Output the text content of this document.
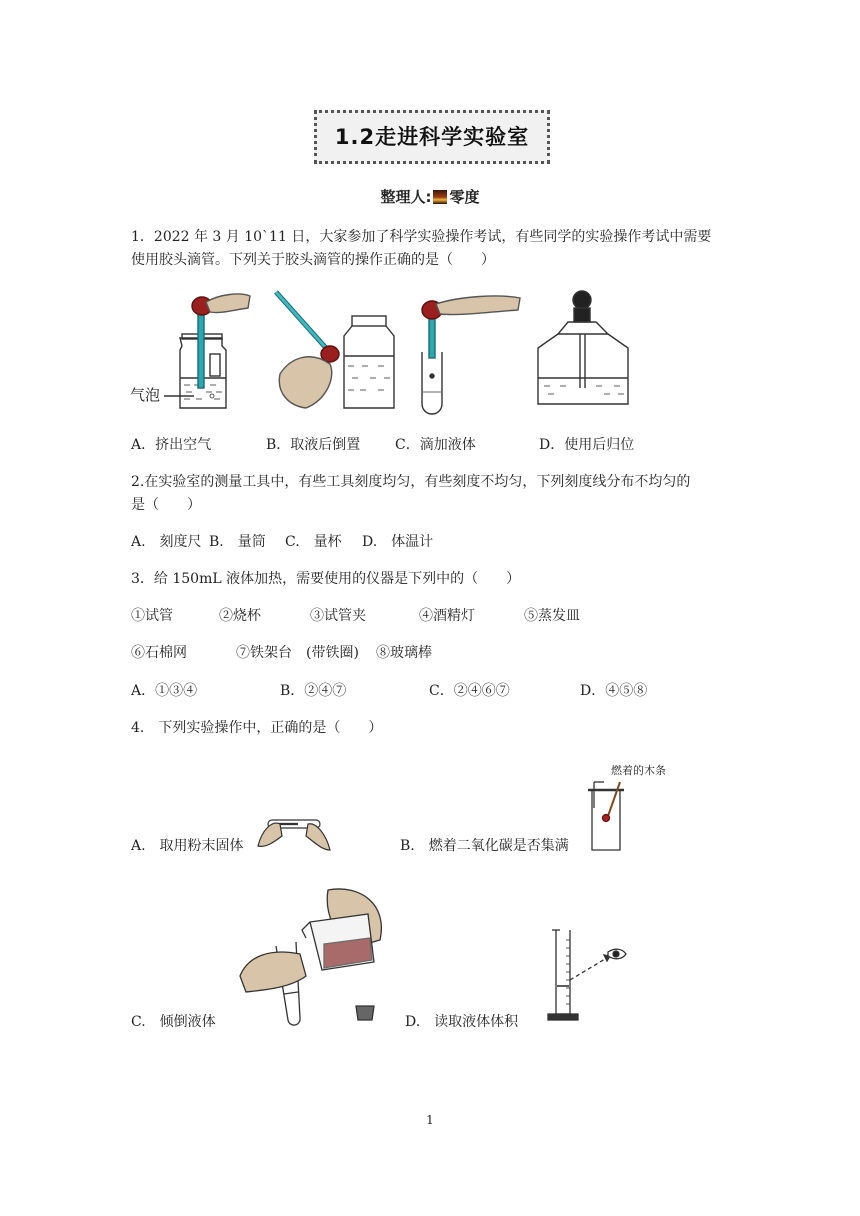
1.2走进科学实验室
整理人: 零度
1．2022 年 3 月 10`11 日，大家参加了科学实验操作考试，有些同学的实验操作考试中需要
使用胶头滴管。下列关于胶头滴管的操作正确的是（　　）
气泡
A．挤出空气	B．取液后倒置 C．滴加液体	D．使用后归位
2.在实验室的测量工具中，有些工具刻度均匀，有些刻度不均匀，下列刻度线分布不均匀的
是（　　）
A.　刻度尺 B.　量筒 C.　量杯 D.　体温计
3．给 150mL 液体加热，需要使用的仪器是下列中的（　　）
①试管	②烧杯	③试管夹	④酒精灯	⑤蒸发皿
⑥石棉网	⑦铁架台　(带铁圈) ⑧玻璃棒
A．①③④	B．②④⑦	C．②④⑥⑦	D．④⑤⑧
4.　下列实验操作中，正确的是（　　）
A.　取用粉末固体	B.　燃着二氧化碳是否集满
燃着的木条
C.　倾倒液体	D.　读取液体体积
1
